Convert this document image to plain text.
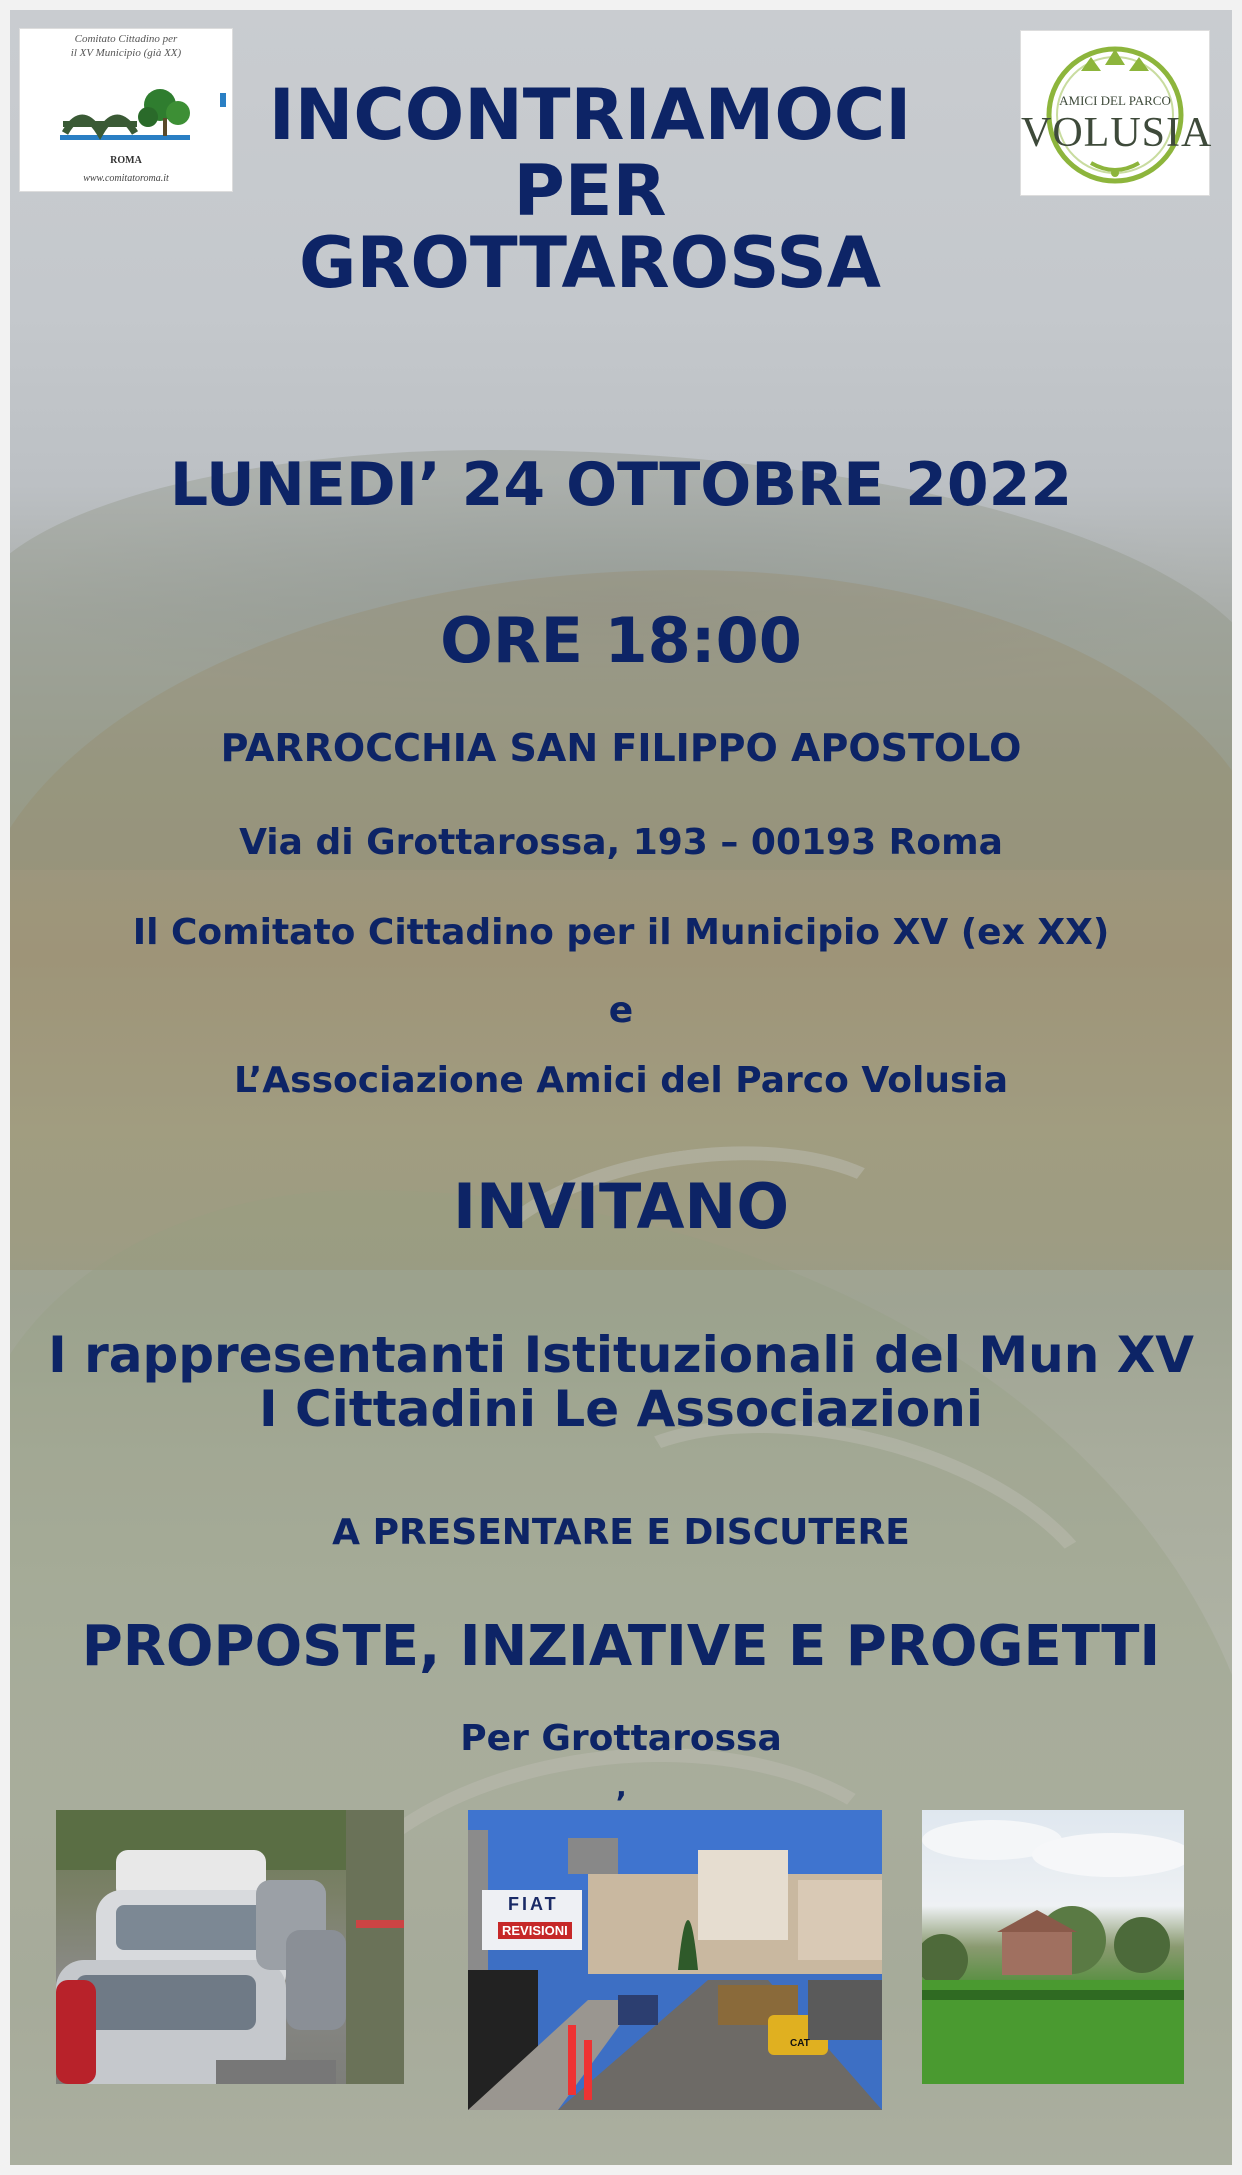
Comitato Cittadino per
il XV Municipio (già XX)
ROMA
www.comitatoroma.it
AMICI DEL PARCO
VOLUSIA
INCONTRIAMOCI
PER
GROTTAROSSA
LUNEDI’ 24 OTTOBRE 2022
ORE 18:00
PARROCCHIA SAN FILIPPO APOSTOLO
Via di Grottarossa, 193 – 00193 Roma
Il Comitato Cittadino per il Municipio XV (ex XX)
e
L’Associazione Amici del Parco Volusia
INVITANO
I rappresentanti Istituzionali del Mun XV
I Cittadini Le Associazioni
A PRESENTARE E DISCUTERE
PROPOSTE, INZIATIVE E PROGETTI
Per Grottarossa
‚
FIAT
REVISIONI
CAT
